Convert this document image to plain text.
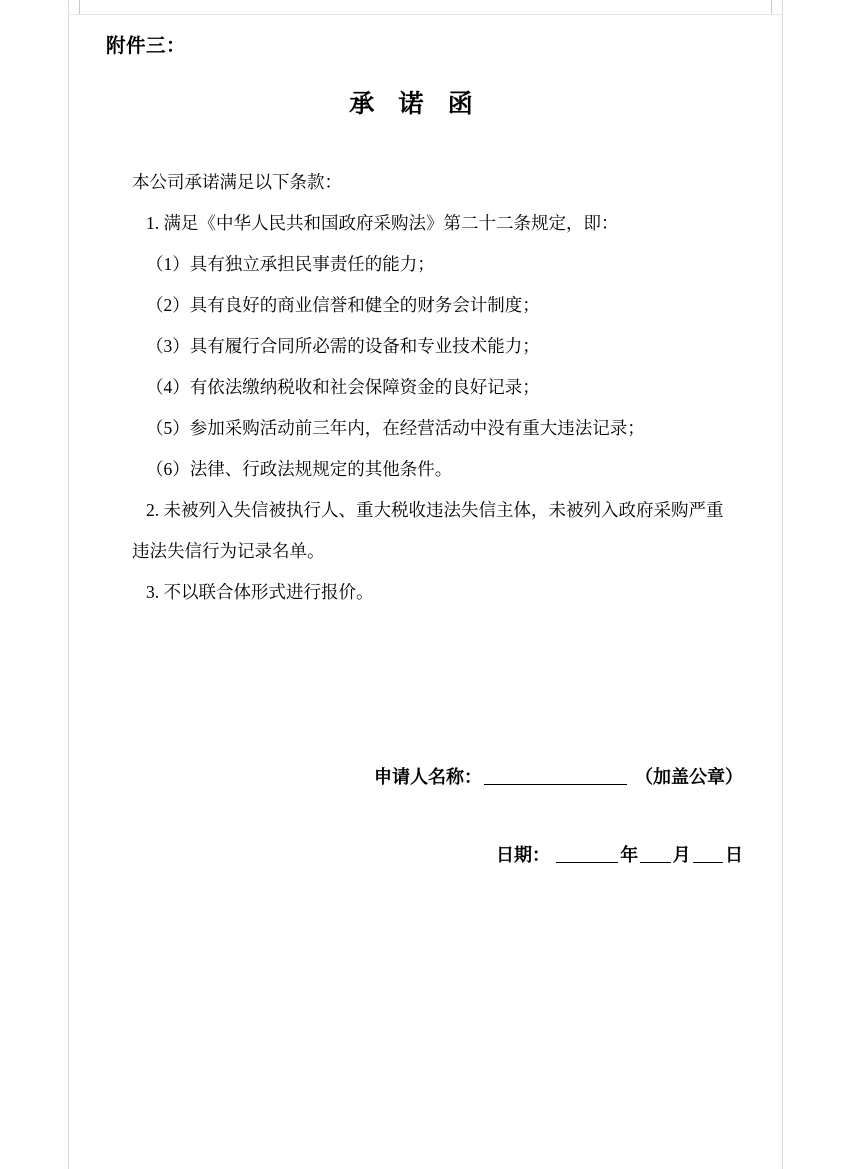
附件三：
承 诺 函

本公司承诺满足以下条款：

1. 满足《中华人民共和国政府采购法》第二十二条规定，即：

（1）具有独立承担民事责任的能力；

（2）具有良好的商业信誉和健全的财务会计制度；

（3）具有履行合同所必需的设备和专业技术能力；

（4）有依法缴纳税收和社会保障资金的良好记录；

（5）参加采购活动前三年内，在经营活动中没有重大违法记录；

（6）法律、行政法规规定的其他条件。

2. 未被列入失信被执行人、重大税收违法失信主体，未被列入政府采购严重

违法失信行为记录名单。

3. 不以联合体形式进行报价。

申请人名称：	（加盖公章）
日期：	年 月 日
